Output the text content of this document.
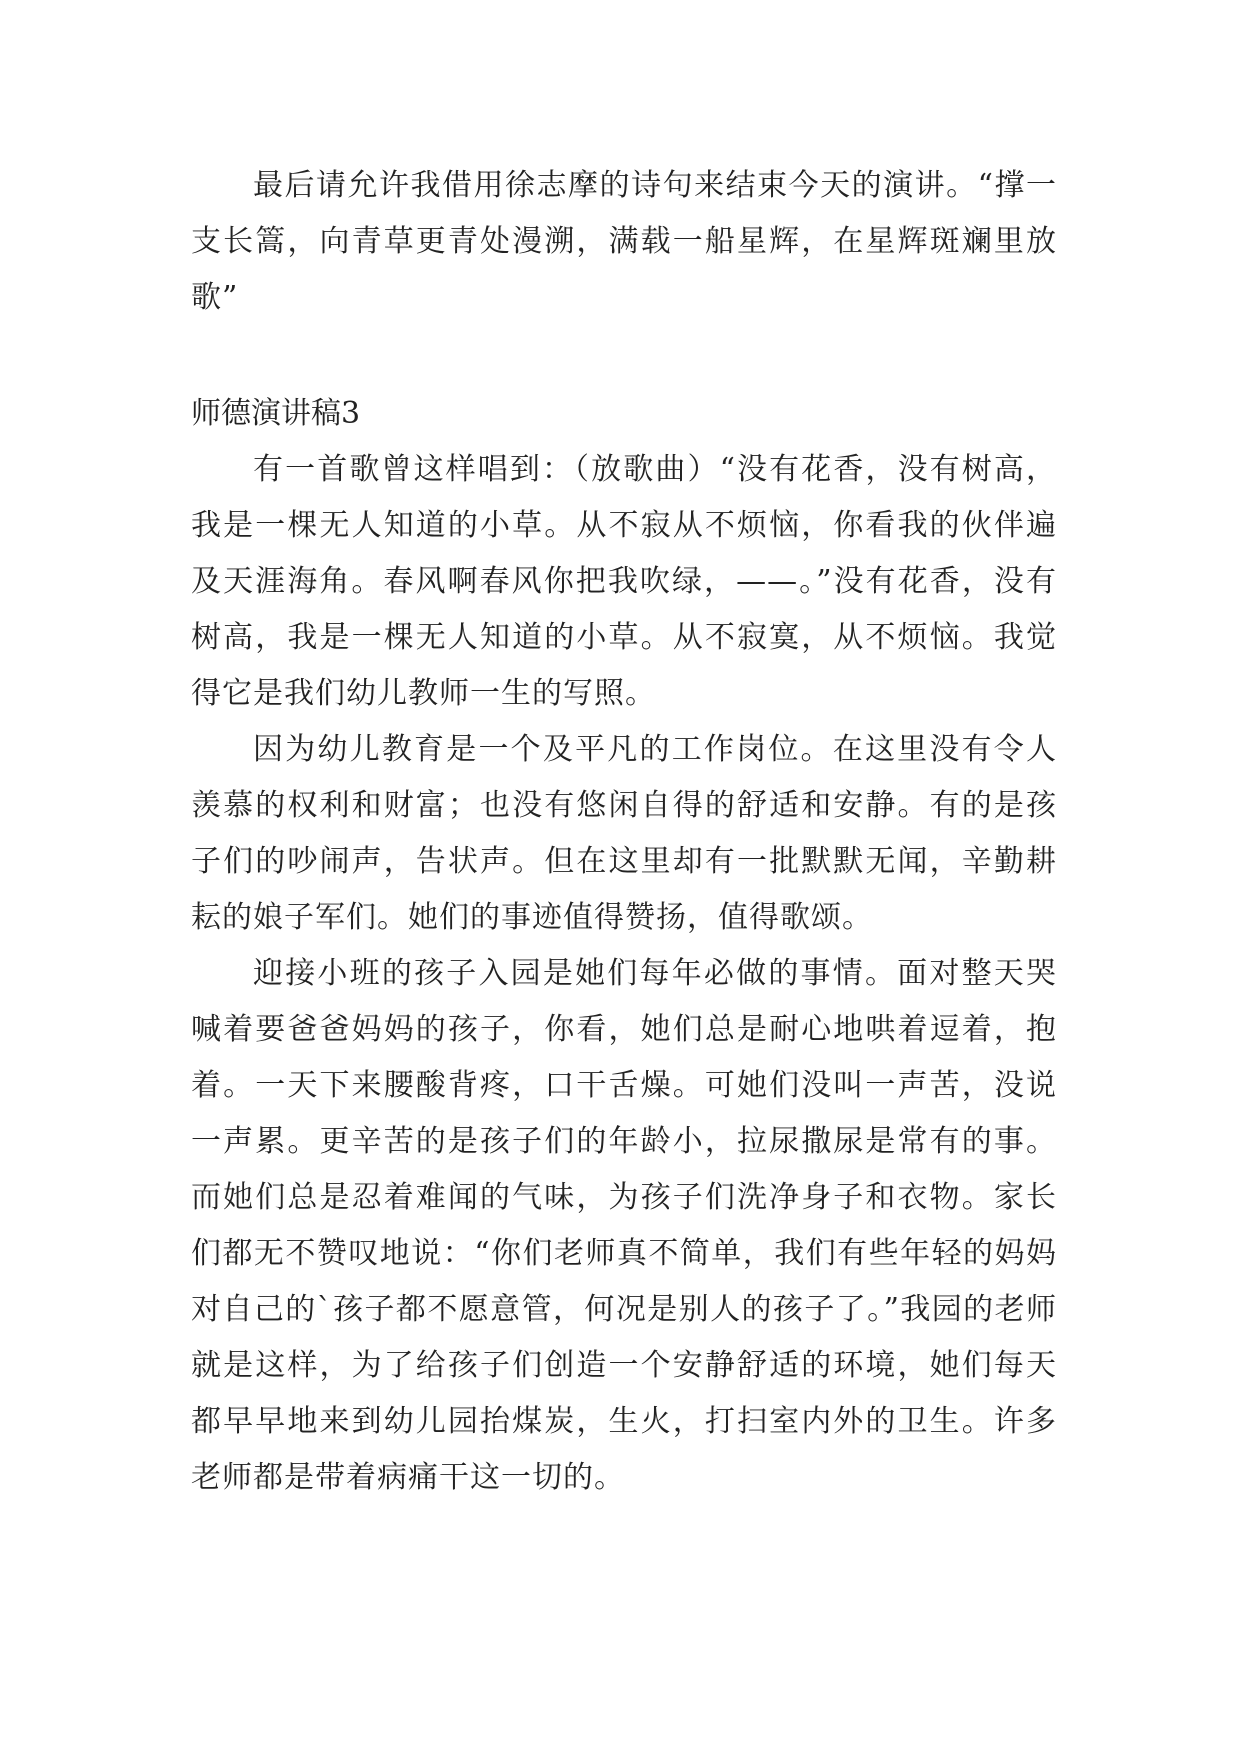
最后请允许我借用徐志摩的诗句来结束今天的演讲。“撑一支长篙，向青草更青处漫溯，满载一船星辉，在星辉斑斓里放歌”

师德演讲稿3

有一首歌曾这样唱到：（放歌曲）“没有花香，没有树高，我是一棵无人知道的小草。从不寂从不烦恼，你看我的伙伴遍及天涯海角。春风啊春风你把我吹绿，——。”没有花香，没有树高，我是一棵无人知道的小草。从不寂寞，从不烦恼。我觉得它是我们幼儿教师一生的写照。

因为幼儿教育是一个及平凡的工作岗位。在这里没有令人羡慕的权利和财富；也没有悠闲自得的舒适和安静。有的是孩子们的吵闹声，告状声。但在这里却有一批默默无闻，辛勤耕耘的娘子军们。她们的事迹值得赞扬，值得歌颂。

迎接小班的孩子入园是她们每年必做的事情。面对整天哭喊着要爸爸妈妈的孩子，你看，她们总是耐心地哄着逗着，抱着。一天下来腰酸背疼，口干舌燥。可她们没叫一声苦，没说一声累。更辛苦的是孩子们的年龄小，拉尿撒尿是常有的事。而她们总是忍着难闻的气味，为孩子们洗净身子和衣物。家长们都无不赞叹地说：“你们老师真不简单，我们有些年轻的妈妈对自己的`孩子都不愿意管，何况是别人的孩子了。”我园的老师就是这样，为了给孩子们创造一个安静舒适的环境，她们每天都早早地来到幼儿园抬煤炭，生火，打扫室内外的卫生。许多老师都是带着病痛干这一切的。
